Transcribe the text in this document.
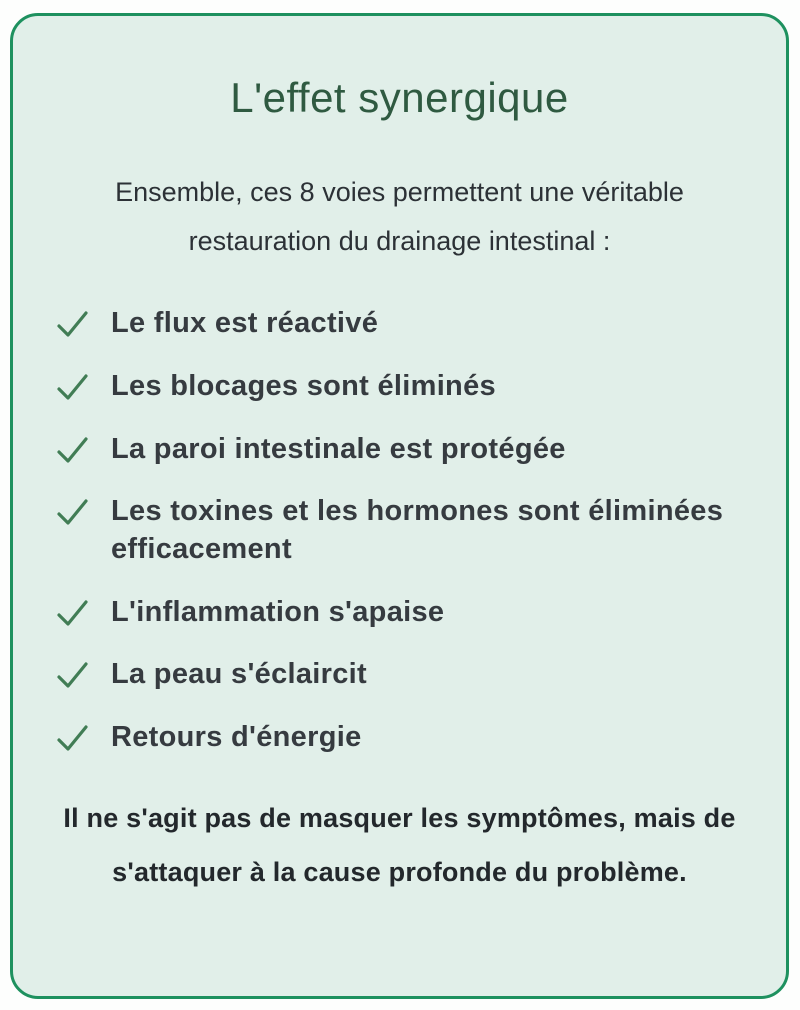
L'effet synergique

Ensemble, ces 8 voies permettent une véritable restauration du drainage intestinal :

Le flux est réactivé
Les blocages sont éliminés
La paroi intestinale est protégée
Les toxines et les hormones sont éliminées efficacement
L'inflammation s'apaise
La peau s'éclaircit
Retours d'énergie

Il ne s'agit pas de masquer les symptômes, mais de s'attaquer à la cause profonde du problème.
